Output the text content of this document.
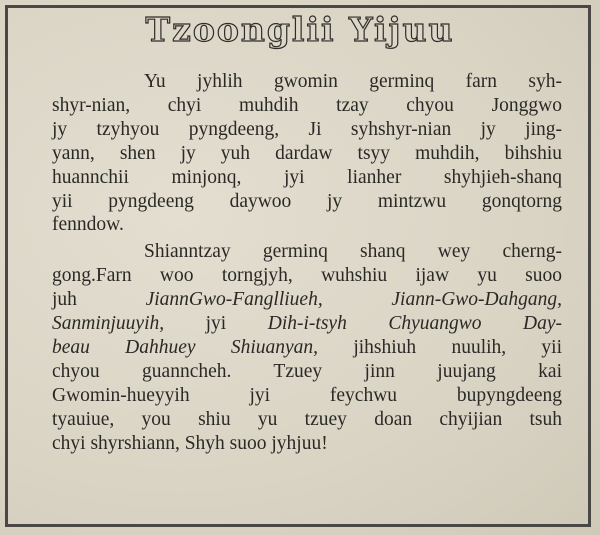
Tzoonglii Yijuu

Yu jyhlih gwomin germinq farn syh-
shyr-nian, chyi muhdih tzay chyou Jonggwo
jy tzyhyou pyngdeeng, Ji syhshyr-nian jy jing-
yann, shen jy yuh dardaw tsyy muhdih, bihshiu
huannchii minjonq, jyi lianher shyhjieh-shanq
yii pyngdeeng daywoo jy mintzwu gonqtorng
fenndow.

Shianntzay germinq shanq wey cherng-
gong.Farn woo torngjyh, wuhshiu ijaw yu suoo
juh JiannGwo-Fanglliueh, Jiann-Gwo-Dahgang,
Sanminjuuyih, jyi Dih-i-tsyh Chyuangwo Day-
beau Dahhuey Shiuanyan, jihshiuh nuulih, yii
chyou guanncheh. Tzuey jinn juujang kai
Gwomin-hueyyih jyi feychwu bupyngdeeng
tyauiue, you shiu yu tzuey doan chyijian tsuh
chyi shyrshiann, Shyh suoo jyhjuu!
